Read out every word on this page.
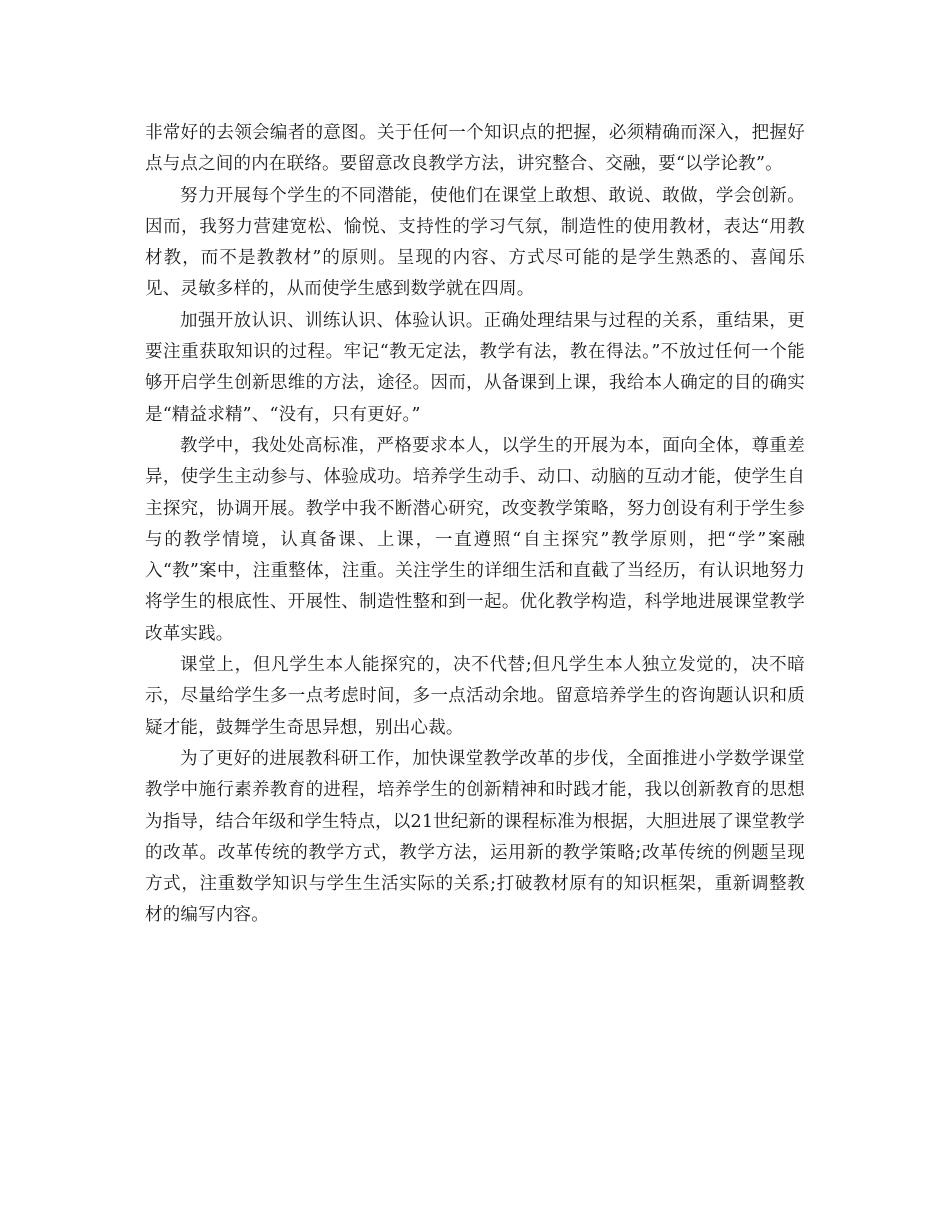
非常好的去领会编者的意图。关于任何一个知识点的把握，必须精确而深入，把握好点与点之间的内在联络。要留意改良教学方法，讲究整合、交融，要“以学论教”。

努力开展每个学生的不同潜能，使他们在课堂上敢想、敢说、敢做，学会创新。因而，我努力营建宽松、愉悦、支持性的学习气氛，制造性的使用教材，表达“用教材教，而不是教教材”的原则。呈现的内容、方式尽可能的是学生熟悉的、喜闻乐见、灵敏多样的，从而使学生感到数学就在四周。

加强开放认识、训练认识、体验认识。正确处理结果与过程的关系，重结果，更要注重获取知识的过程。牢记“教无定法，教学有法，教在得法。”不放过任何一个能够开启学生创新思维的方法，途径。因而，从备课到上课，我给本人确定的目的确实是“精益求精”、“没有，只有更好。”

教学中，我处处高标准，严格要求本人，以学生的开展为本，面向全体，尊重差异，使学生主动参与、体验成功。培养学生动手、动口、动脑的互动才能，使学生自主探究，协调开展。教学中我不断潜心研究，改变教学策略，努力创设有利于学生参与的教学情境，认真备课、上课，一直遵照“自主探究”教学原则，把“学”案融入“教”案中，注重整体，注重。关注学生的详细生活和直截了当经历，有认识地努力将学生的根底性、开展性、制造性整和到一起。优化教学构造，科学地进展课堂教学改革实践。

课堂上，但凡学生本人能探究的，决不代替;但凡学生本人独立发觉的，决不暗示，尽量给学生多一点考虑时间，多一点活动余地。留意培养学生的咨询题认识和质疑才能，鼓舞学生奇思异想，别出心裁。

为了更好的进展教科研工作，加快课堂教学改革的步伐，全面推进小学数学课堂教学中施行素养教育的进程，培养学生的创新精神和时践才能，我以创新教育的思想为指导，结合年级和学生特点，以21世纪新的课程标准为根据，大胆进展了课堂教学的改革。改革传统的教学方式，教学方法，运用新的教学策略;改革传统的例题呈现方式，注重数学知识与学生生活实际的关系;打破教材原有的知识框架，重新调整教材的编写内容。
